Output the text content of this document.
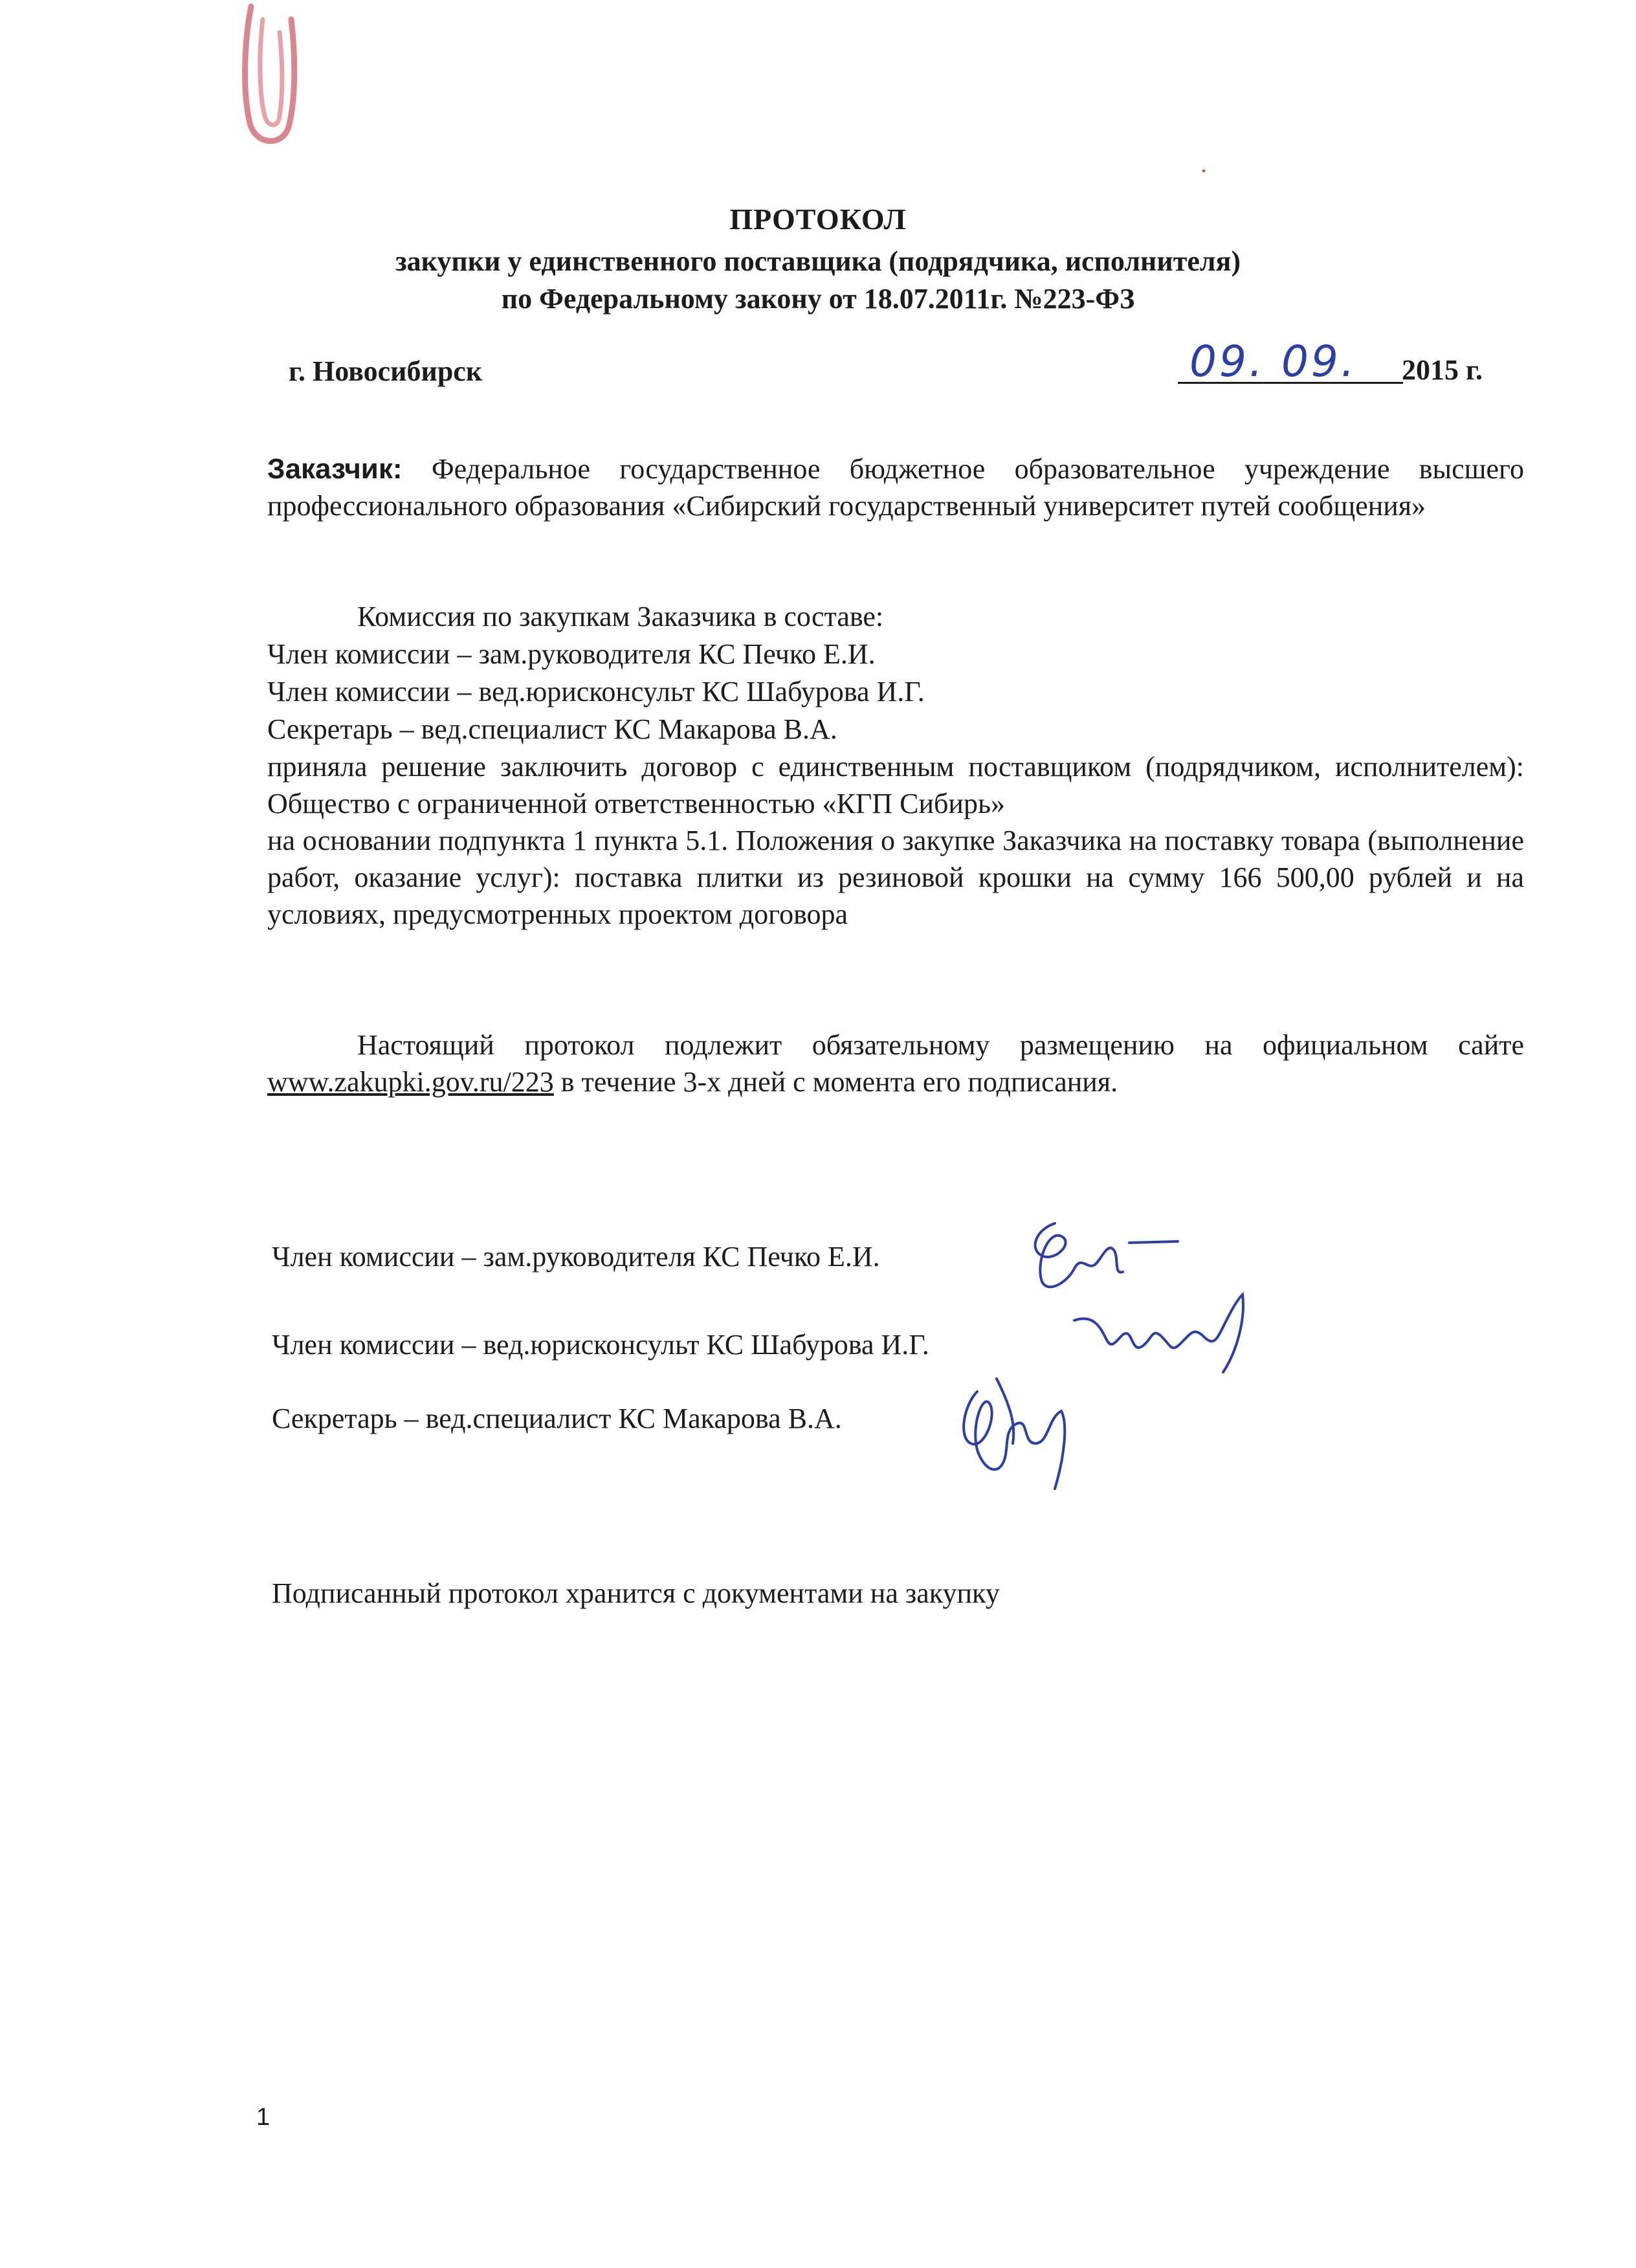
ПРОТОКОЛ
закупки у единственного поставщика (подрядчика, исполнителя)
по Федеральному закону от 18.07.2011г. №223-ФЗ
г. Новосибирск	09. 09. 2015 г.
Заказчик: Федеральное государственное бюджетное образовательное учреждение высшего профессионального образования «Сибирский государственный университет путей сообщения»
Комиссия по закупкам Заказчика в составе:
Член комиссии – зам.руководителя КС Печко Е.И.
Член комиссии – вед.юрисконсульт КС Шабурова И.Г.
Секретарь – вед.специалист КС Макарова В.А.
приняла решение заключить договор с единственным поставщиком (подрядчиком, исполнителем): Общество с ограниченной ответственностью «КГП Сибирь»
на основании подпункта 1 пункта 5.1. Положения о закупке Заказчика на поставку товара (выполнение работ, оказание услуг): поставка плитки из резиновой крошки на сумму 166 500,00 рублей и на условиях, предусмотренных проектом договора
Настоящий протокол подлежит обязательному размещению на официальном сайте www.zakupki.gov.ru/223 в течение 3-х дней с момента его подписания.
Член комиссии – зам.руководителя КС Печко Е.И.
Член комиссии – вед.юрисконсульт КС Шабурова И.Г.
Секретарь – вед.специалист КС Макарова В.А.
Подписанный протокол хранится с документами на закупку
1
